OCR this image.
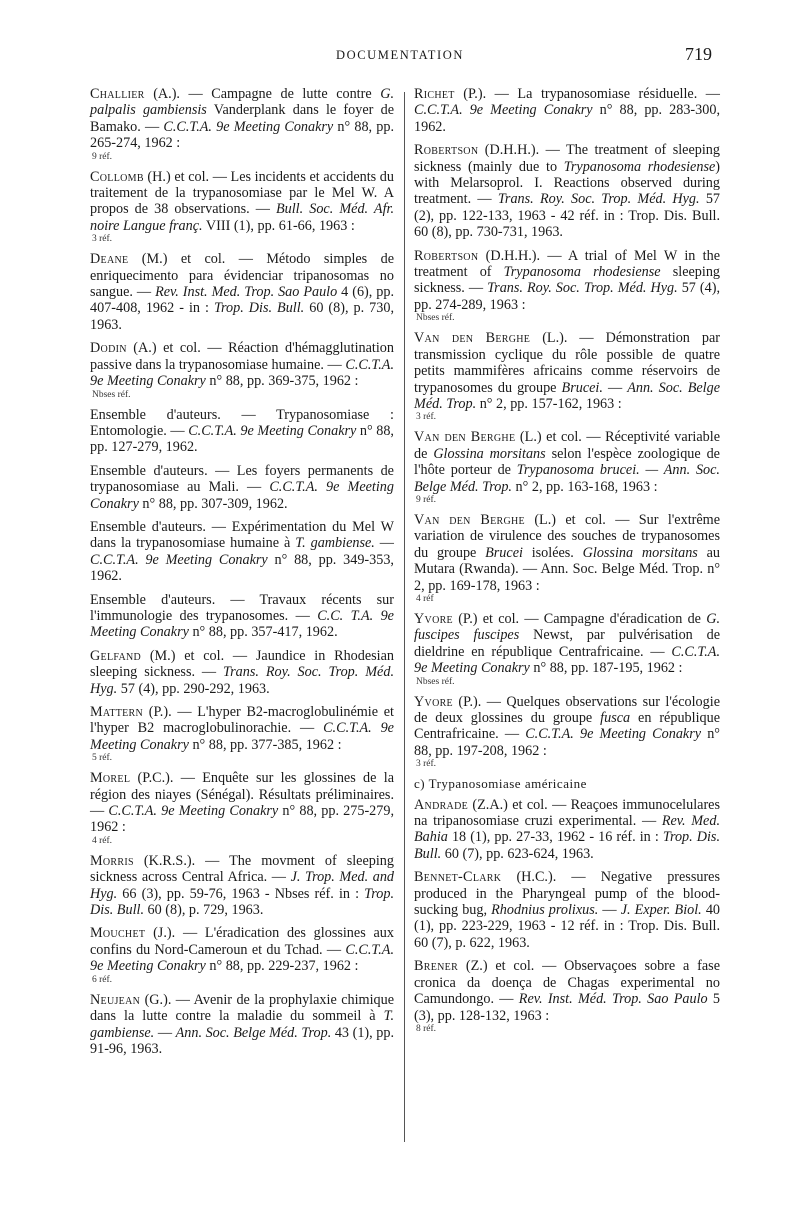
DOCUMENTATION	719
Challier (A.). — Campagne de lutte contre G. palpalis gambiensis Vanderplank dans le foyer de Bamako. — C.C.T.A. 9e Meeting Conakry n° 88, pp. 265-274, 1962 :
9 réf.
Collomb (H.) et col. — Les incidents et accidents du traitement de la trypanosomiase par le Mel W. A propos de 38 observations. — Bull. Soc. Méd. Afr. noire Langue franç. VIII (1), pp. 61-66, 1963 :
3 réf.
Deane (M.) et col. — Método simples de enriquecimento para évidenciar tripanosomas no sangue. — Rev. Inst. Med. Trop. Sao Paulo 4 (6), pp. 407-408, 1962 - in : Trop. Dis. Bull. 60 (8), p. 730, 1963.
Dodin (A.) et col. — Réaction d'hémagglutination passive dans la trypanosomiase humaine. — C.C.T.A. 9e Meeting Conakry n° 88, pp. 369-375, 1962 :
Nbses réf.
Ensemble d'auteurs. — Trypanosomiase : Entomologie. — C.C.T.A. 9e Meeting Conakry n° 88, pp. 127-279, 1962.
Ensemble d'auteurs. — Les foyers permanents de trypanosomiase au Mali. — C.C.T.A. 9e Meeting Conakry n° 88, pp. 307-309, 1962.
Ensemble d'auteurs. — Expérimentation du Mel W dans la trypanosomiase humaine à T. gambiense. — C.C.T.A. 9e Meeting Conakry n° 88, pp. 349-353, 1962.
Ensemble d'auteurs. — Travaux récents sur l'immunologie des trypanosomes. — C.C. T.A. 9e Meeting Conakry n° 88, pp. 357-417, 1962.
Gelfand (M.) et col. — Jaundice in Rhodesian sleeping sickness. — Trans. Roy. Soc. Trop. Méd. Hyg. 57 (4), pp. 290-292, 1963.
Mattern (P.). — L'hyper B2-macroglobulinémie et l'hyper B2 macroglobulinorachie. — C.C.T.A. 9e Meeting Conakry n° 88, pp. 377-385, 1962 :
5 réf.
Morel (P.C.). — Enquête sur les glossines de la région des niayes (Sénégal). Résultats préliminaires. — C.C.T.A. 9e Meeting Conakry n° 88, pp. 275-279, 1962 :
4 réf.
Morris (K.R.S.). — The movment of sleeping sickness across Central Africa. — J. Trop. Med. and Hyg. 66 (3), pp. 59-76, 1963 - Nbses réf. in : Trop. Dis. Bull. 60 (8), p. 729, 1963.
Mouchet (J.). — L'éradication des glossines aux confins du Nord-Cameroun et du Tchad. — C.C.T.A. 9e Meeting Conakry n° 88, pp. 229-237, 1962 :
6 réf.
Neujean (G.). — Avenir de la prophylaxie chimique dans la lutte contre la maladie du sommeil à T. gambiense. — Ann. Soc. Belge Méd. Trop. 43 (1), pp. 91-96, 1963.
Richet (P.). — La trypanosomiase résiduelle. — C.C.T.A. 9e Meeting Conakry n° 88, pp. 283-300, 1962.
Robertson (D.H.H.). — The treatment of sleeping sickness (mainly due to Trypanosoma rhodesiense) with Melarsoprol. I. Reactions observed during treatment. — Trans. Roy. Soc. Trop. Méd. Hyg. 57 (2), pp. 122-133, 1963 - 42 réf. in : Trop. Dis. Bull. 60 (8), pp. 730-731, 1963.
Robertson (D.H.H.). — A trial of Mel W in the treatment of Trypanosoma rhodesiense sleeping sickness. — Trans. Roy. Soc. Trop. Méd. Hyg. 57 (4), pp. 274-289, 1963 :
Nbses réf.
Van den Berghe (L.). — Démonstration par transmission cyclique du rôle possible de quatre petits mammifères africains comme réservoirs de trypanosomes du groupe Brucei. — Ann. Soc. Belge Méd. Trop. n° 2, pp. 157-162, 1963 :
3 réf.
Van den Berghe (L.) et col. — Réceptivité variable de Glossina morsitans selon l'espèce zoologique de l'hôte porteur de Trypanosoma brucei. — Ann. Soc. Belge Méd. Trop. n° 2, pp. 163-168, 1963 :
9 réf.
Van den Berghe (L.) et col. — Sur l'extrême variation de virulence des souches de trypanosomes du groupe Brucei isolées. Glossina morsitans au Mutara (Rwanda). — Ann. Soc. Belge Méd. Trop. n° 2, pp. 169-178, 1963 :
4 réf
Yvore (P.) et col. — Campagne d'éradication de G. fuscipes fuscipes Newst, par pulvérisation de dieldrine en république Centrafricaine. — C.C.T.A. 9e Meeting Conakry n° 88, pp. 187-195, 1962 :
Nbses réf.
Yvore (P.). — Quelques observations sur l'écologie de deux glossines du groupe fusca en république Centrafricaine. — C.C.T.A. 9e Meeting Conakry n° 88, pp. 197-208, 1962 :
3 réf.
c) Trypanosomiase américaine
Andrade (Z.A.) et col. — Reaçoes immunocelulares na tripanosomiase cruzi experimental. — Rev. Med. Bahia 18 (1), pp. 27-33, 1962 - 16 réf. in : Trop. Dis. Bull. 60 (7), pp. 623-624, 1963.
Bennet-Clark (H.C.). — Negative pressures produced in the Pharyngeal pump of the blood-sucking bug, Rhodnius prolixus. — J. Exper. Biol. 40 (1), pp. 223-229, 1963 - 12 réf. in : Trop. Dis. Bull. 60 (7), p. 622, 1963.
Brener (Z.) et col. — Observaçoes sobre a fase cronica da doença de Chagas experimental no Camundongo. — Rev. Inst. Méd. Trop. Sao Paulo 5 (3), pp. 128-132, 1963 :
8 réf.
